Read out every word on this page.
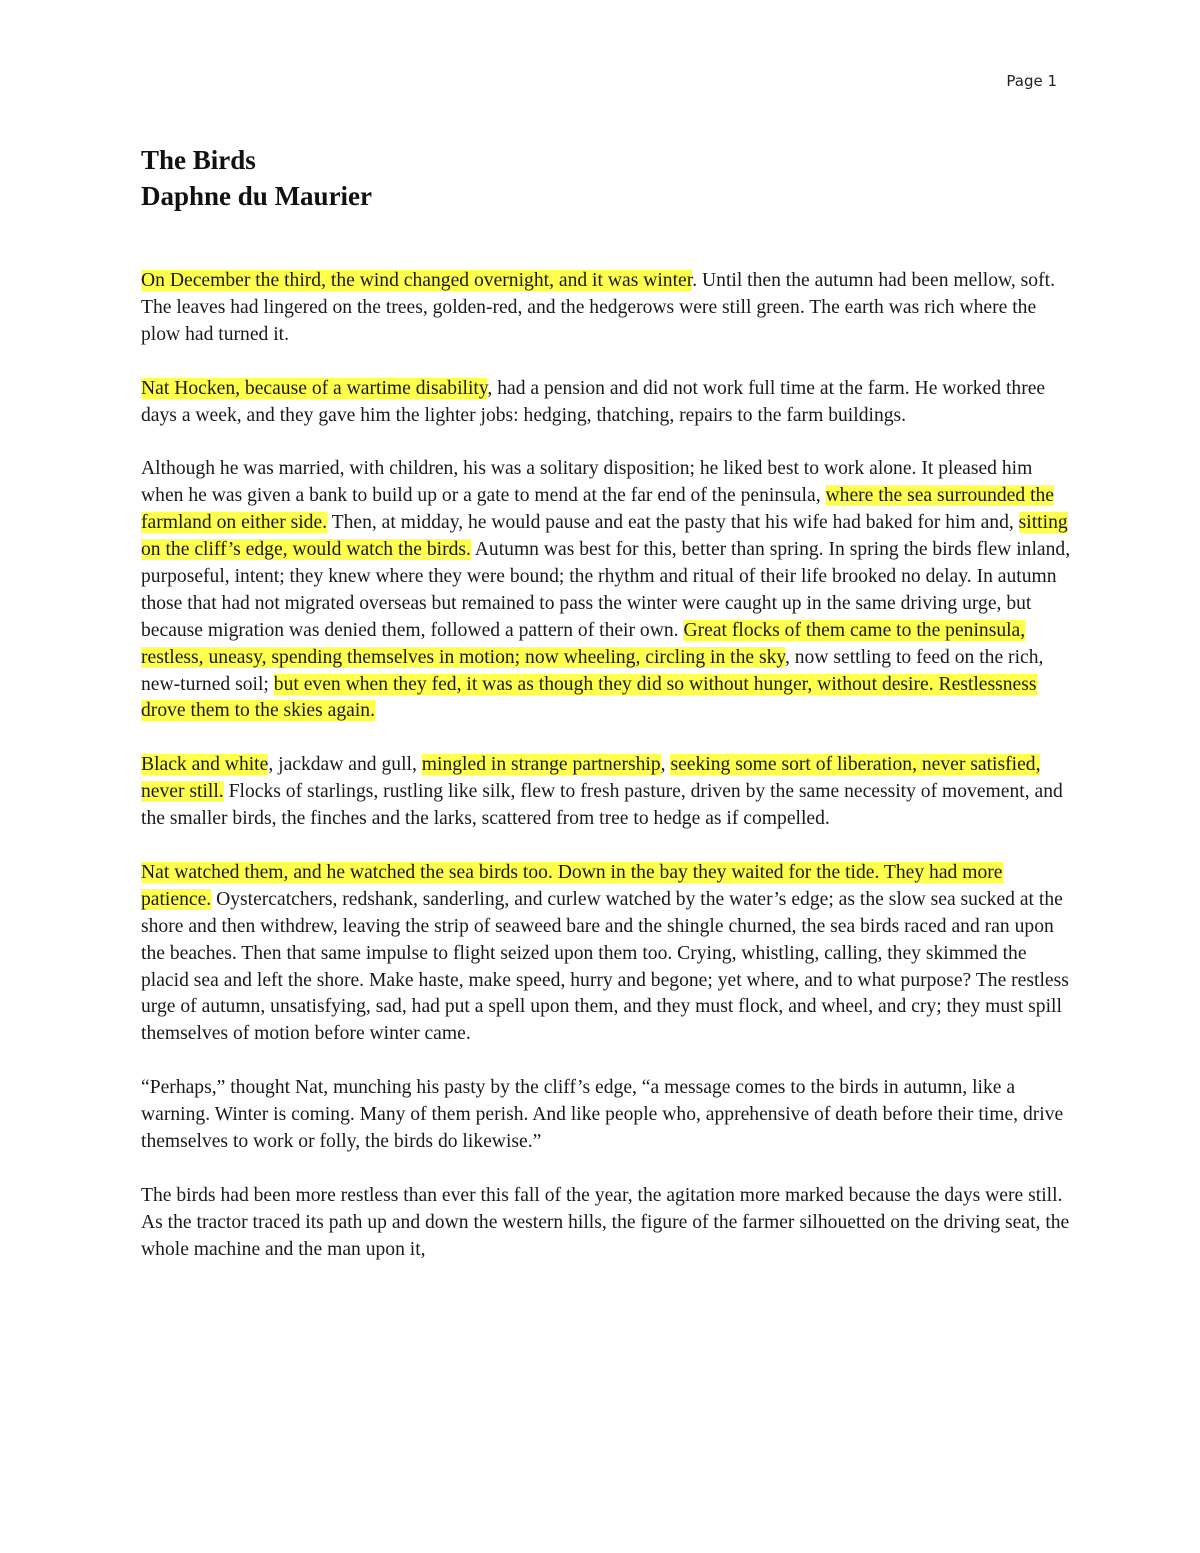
Page 1
The Birds
Daphne du Maurier

On December the third, the wind changed overnight, and it was winter. Until then the autumn had been mellow, soft. The leaves had lingered on the trees, golden-red, and the hedgerows were still green. The earth was rich where the plow had turned it.

Nat Hocken, because of a wartime disability, had a pension and did not work full time at the farm. He worked three days a week, and they gave him the lighter jobs: hedging, thatching, repairs to the farm buildings.

Although he was married, with children, his was a solitary disposition; he liked best to work alone. It pleased him when he was given a bank to build up or a gate to mend at the far end of the peninsula, where the sea surrounded the farmland on either side. Then, at midday, he would pause and eat the pasty that his wife had baked for him and, sitting on the cliff’s edge, would watch the birds. Autumn was best for this, better than spring. In spring the birds flew inland, purposeful, intent; they knew where they were bound; the rhythm and ritual of their life brooked no delay. In autumn those that had not migrated overseas but remained to pass the winter were caught up in the same driving urge, but because migration was denied them, followed a pattern of their own. Great flocks of them came to the peninsula, restless, uneasy, spending themselves in motion; now wheeling, circling in the sky, now settling to feed on the rich, new-turned soil; but even when they fed, it was as though they did so without hunger, without desire. Restlessness drove them to the skies again.

Black and white, jackdaw and gull, mingled in strange partnership, seeking some sort of liberation, never satisfied, never still. Flocks of starlings, rustling like silk, flew to fresh pasture, driven by the same necessity of movement, and the smaller birds, the finches and the larks, scattered from tree to hedge as if compelled.

Nat watched them, and he watched the sea birds too. Down in the bay they waited for the tide. They had more patience. Oystercatchers, redshank, sanderling, and curlew watched by the water’s edge; as the slow sea sucked at the shore and then withdrew, leaving the strip of seaweed bare and the shingle churned, the sea birds raced and ran upon the beaches. Then that same impulse to flight seized upon them too. Crying, whistling, calling, they skimmed the placid sea and left the shore. Make haste, make speed, hurry and begone; yet where, and to what purpose? The restless urge of autumn, unsatisfying, sad, had put a spell upon them, and they must flock, and wheel, and cry; they must spill themselves of motion before winter came.

“Perhaps,” thought Nat, munching his pasty by the cliff’s edge, “a message comes to the birds in autumn, like a warning. Winter is coming. Many of them perish. And like people who, apprehensive of death before their time, drive themselves to work or folly, the birds do likewise.”

The birds had been more restless than ever this fall of the year, the agitation more marked because the days were still. As the tractor traced its path up and down the western hills, the figure of the farmer silhouetted on the driving seat, the whole machine and the man upon it,
